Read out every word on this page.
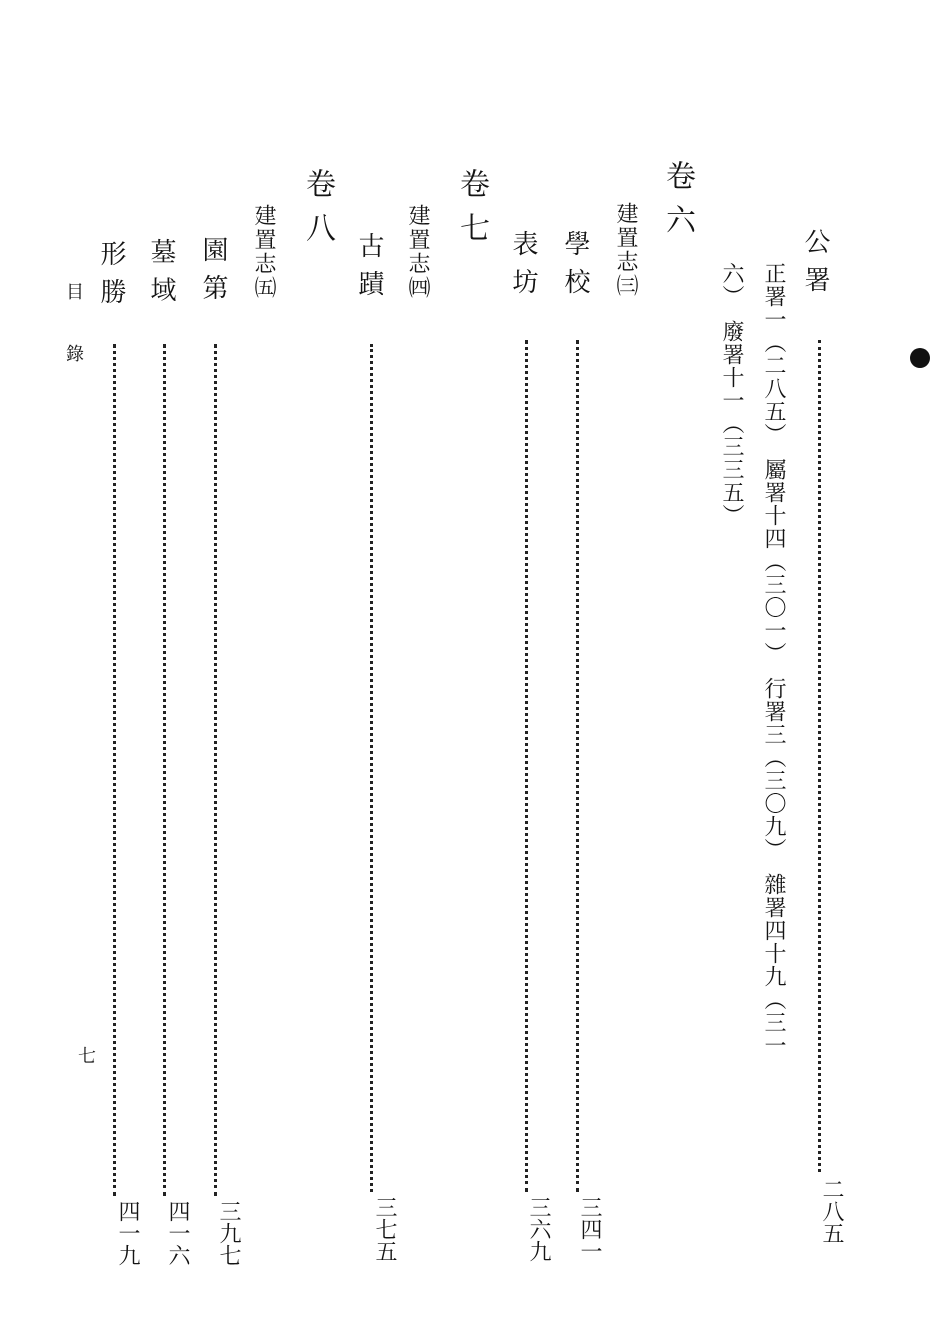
公署
二八五
正署一（二八五）　屬署十四（三〇一）　行署三（三〇九）　雜署四十九（三一
六）　廢署十一（三三五）
卷六
建置志㈢
學校
三四一
表坊
三六九
卷七
建置志㈣
古蹟
三七五
卷八
建置志㈤
園第
三九七
墓域
四一六
形勝
四一九
目錄
七
